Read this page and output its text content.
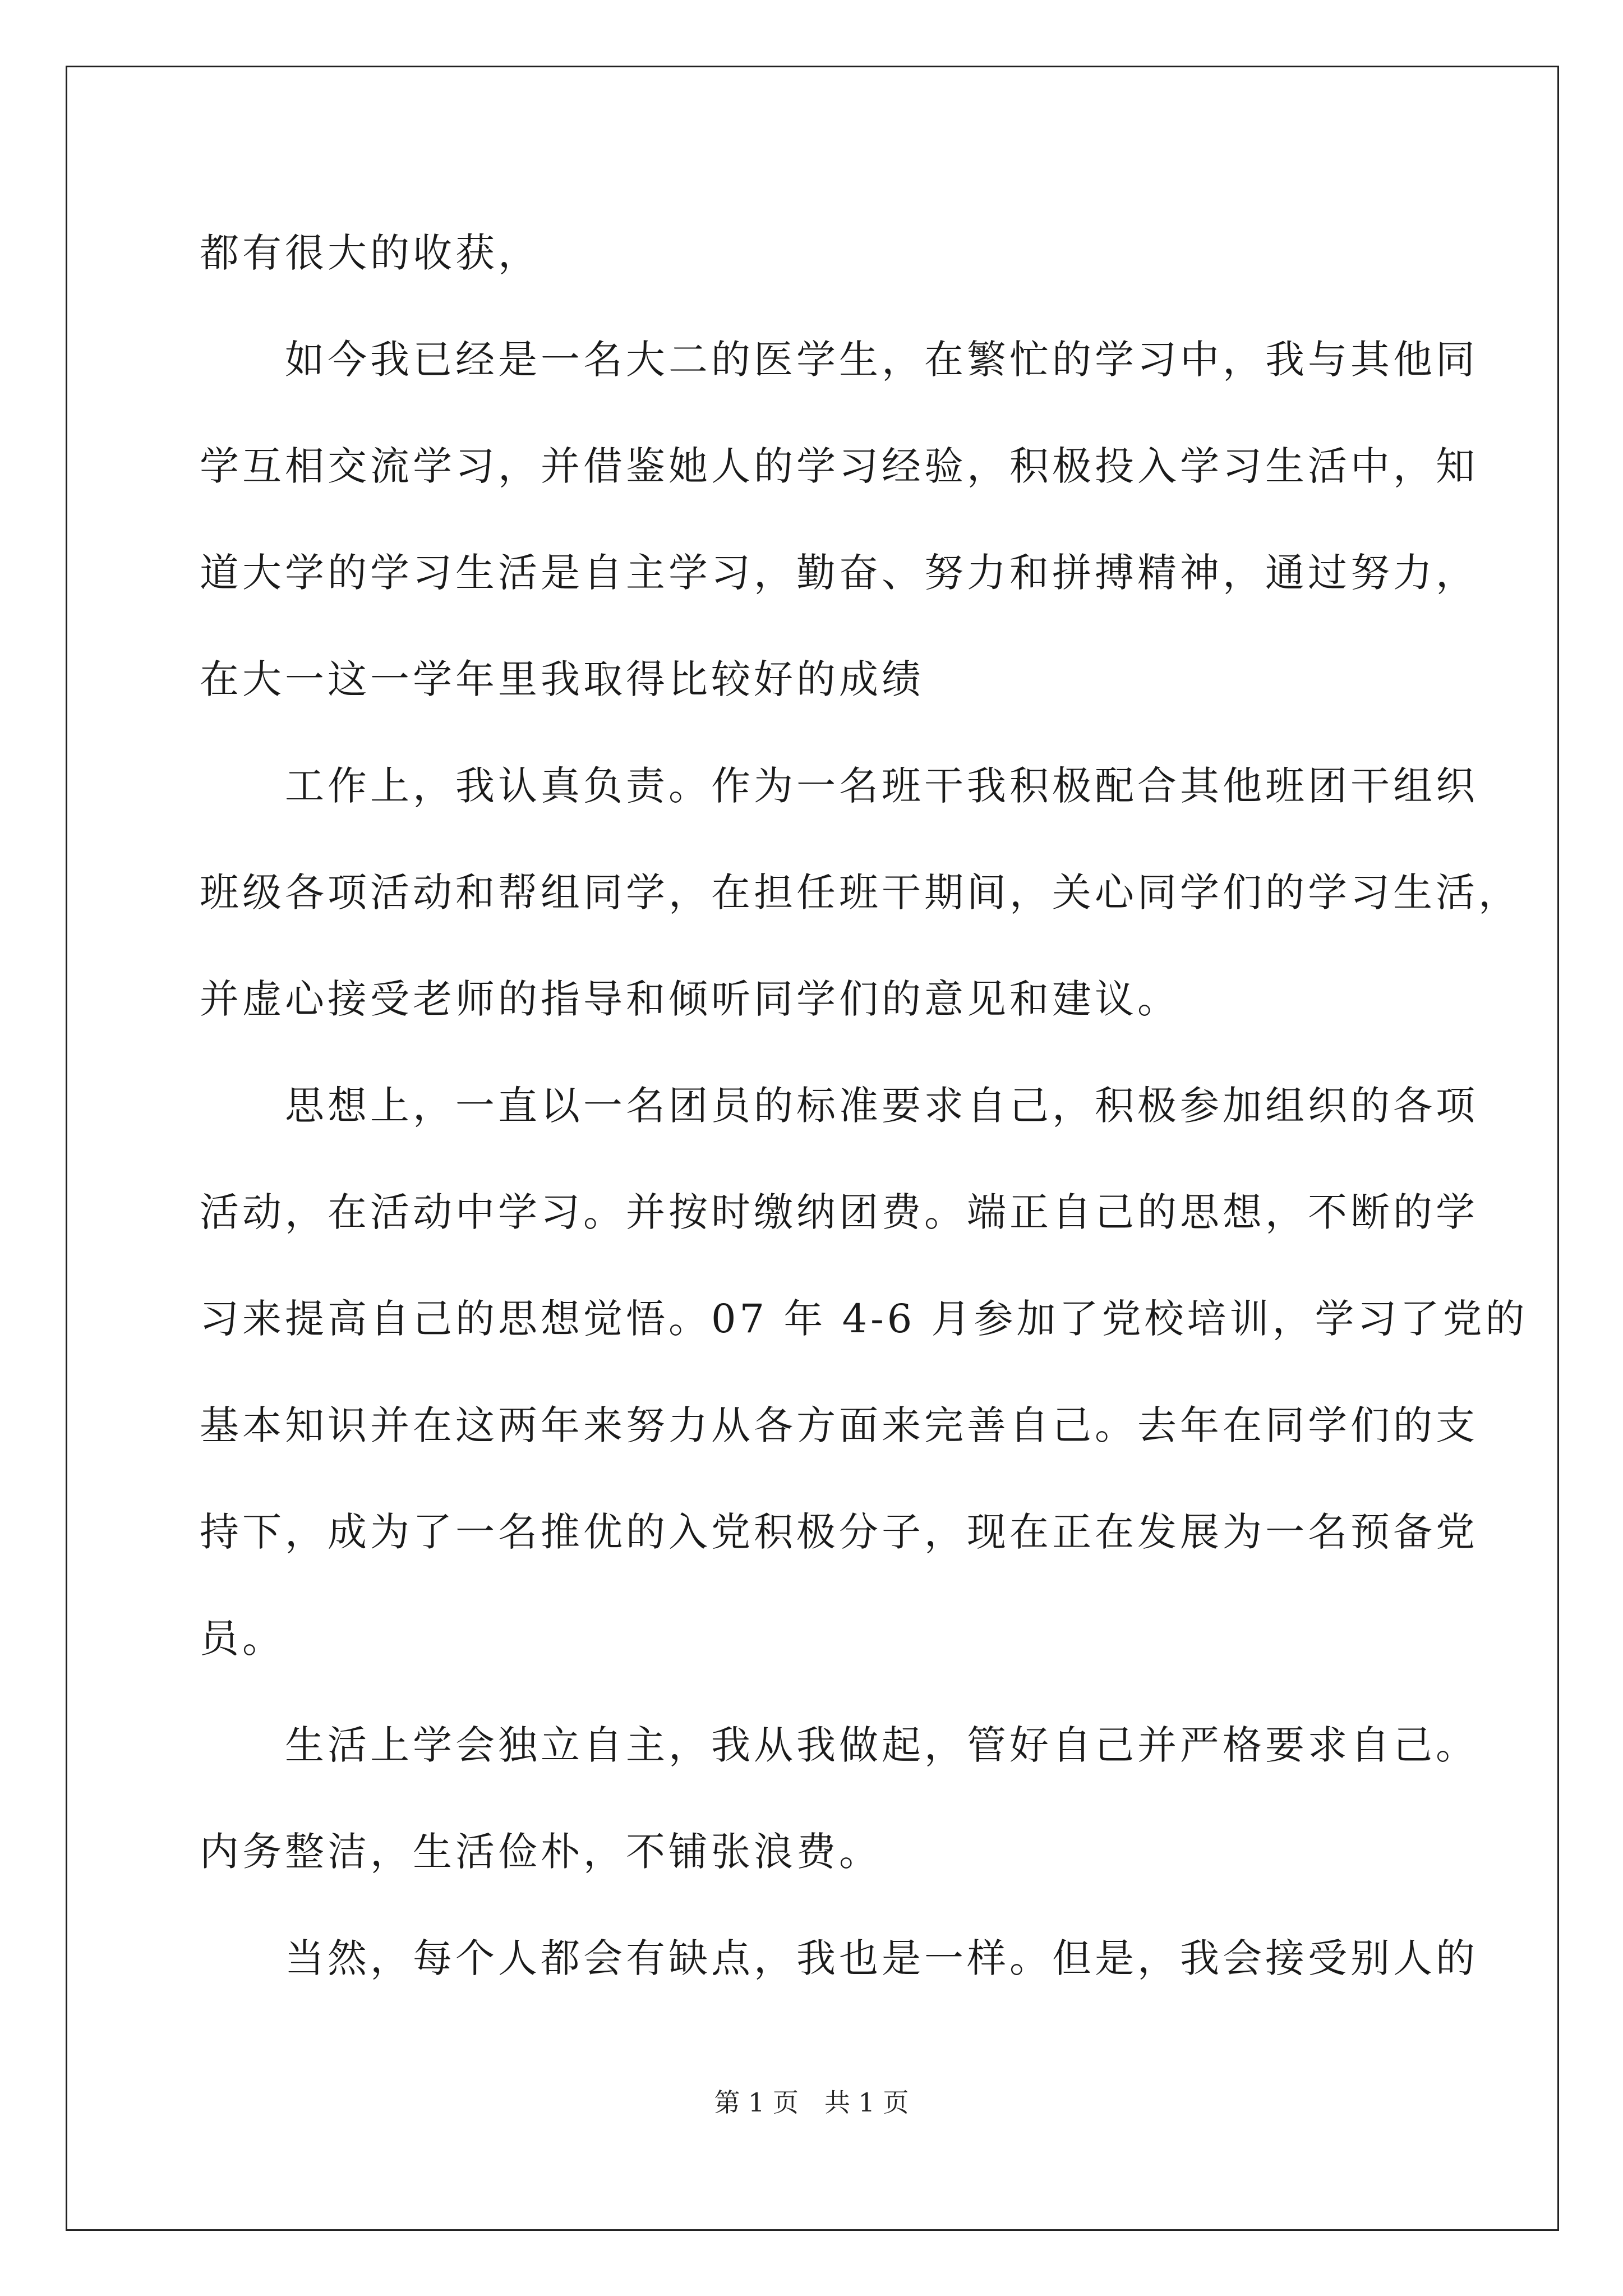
都有很大的收获，
　　如今我已经是一名大二的医学生，在繁忙的学习中，我与其他同
学互相交流学习，并借鉴她人的学习经验，积极投入学习生活中，知
道大学的学习生活是自主学习，勤奋、努力和拼搏精神，通过努力，
在大一这一学年里我取得比较好的成绩
　　工作上，我认真负责。作为一名班干我积极配合其他班团干组织
班级各项活动和帮组同学，在担任班干期间，关心同学们的学习生活，
并虚心接受老师的指导和倾听同学们的意见和建议。
　　思想上，一直以一名团员的标准要求自己，积极参加组织的各项
活动，在活动中学习。并按时缴纳团费。端正自己的思想，不断的学
习来提高自己的思想觉悟。07 年 4-6 月参加了党校培训，学习了党的
基本知识并在这两年来努力从各方面来完善自己。去年在同学们的支
持下，成为了一名推优的入党积极分子，现在正在发展为一名预备党
员。
　　生活上学会独立自主，我从我做起，管好自己并严格要求自己。
内务整洁，生活俭朴，不铺张浪费。
　　当然，每个人都会有缺点，我也是一样。但是，我会接受别人的
第 1 页　共 1 页
